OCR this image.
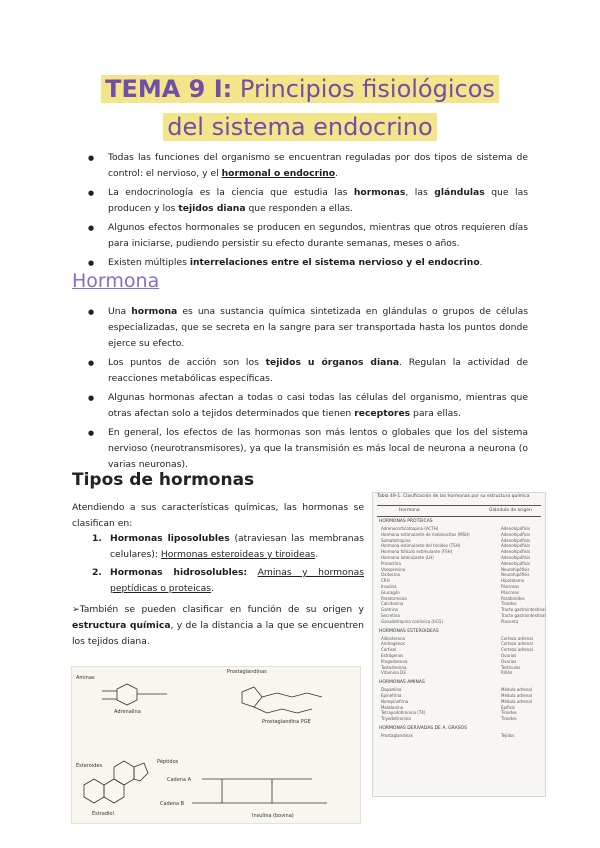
TEMA 9 I: Principios fisiológicos
del sistema endocrino
● Todas las funciones del organismo se encuentran reguladas por dos tipos de sistema de control: el nervioso, y el hormonal o endocrino.
● La endocrinología es la ciencia que estudia las hormonas, las glándulas que las producen y los tejidos diana que responden a ellas.
● Algunos efectos hormonales se producen en segundos, mientras que otros requieren días para iniciarse, pudiendo persistir su efecto durante semanas, meses o años.
● Existen múltiples interrelaciones entre el sistema nervioso y el endocrino.
Hormona
● Una hormona es una sustancia química sintetizada en glándulas o grupos de células especializadas, que se secreta en la sangre para ser transportada hasta los puntos donde ejerce su efecto.
● Los puntos de acción son los tejidos u órganos diana. Regulan la actividad de reacciones metabólicas específicas.
● Algunas hormonas afectan a todas o casi todas las células del organismo, mientras que otras afectan solo a tejidos determinados que tienen receptores para ellas.
● En general, los efectos de las hormonas son más lentos o globales que los del sistema nervioso (neurotransmisores), ya que la transmisión es más local de neurona a neurona (o varias neuronas).
Tipos de hormonas
Atendiendo a sus características químicas, las hormonas se clasifican en:
1. Hormonas liposolubles (atraviesan las membranas celulares): Hormonas esteroideas y tiroideas.
2. Hormonas hidrosolubles: Aminas y hormonas peptídicas o proteicas.
➢También se pueden clasificar en función de su origen y estructura química, y de la distancia a la que se encuentren los tejidos diana.
Tabla 49-1. Clasificación de las hormonas por su estructura química
Hormona	Glándula de origen
HORMONAS PROTEICAS
Adrenocorticotropina (ACTH)	Adenohipófisis
Hormona estimulante de melanocitos (MSH)	Adenohipófisis
Somatotropina	Adenohipófisis
Hormona estimulante del tiroides (TSH)	Adenohipófisis
Hormona folículo estimulante (FSH)	Adenohipófisis
Hormona luteinizante (LH)	Adenohipófisis
Prolactina	Adenohipófisis
Vasopresina	Neurohipófisis
Oxitocina	Neurohipófisis
CRH	Hipotálamo
Insulina	Páncreas
Glucagón	Páncreas
Paratormona	Paratiroides
Calcitonina	Tiroides
Gastrina	Tracto gastrointestinal
Secretina	Tracto gastrointestinal
Gonadotropina coriónica (hCG)	Placenta
HORMONAS ESTEROIDEAS
Aldosterona	Corteza adrenal
Androgénos	Corteza adrenal
Cortisol	Corteza adrenal
Estrógenos	Ovarios
Progesterona	Ovarios
Testosterona	Testículos
Vitamina D3	Riñón
HORMONAS AMINAS
Dopamina	Médula adrenal
Epinefrina	Médula adrenal
Norepinefrina	Médula adrenal
Melatonina	Epífisis
Tetrayodotironina (T4)	Tiroides
Triyodotironina	Tiroides
HORMONAS DERIVADAS DE A. GRASOS
Prostaglandinas	Tejidos
Prostaglandinas
Aminas
Adrenalina
Prostaglandina PGE
Péptidos
Cadena A
Cadena B
Insulina (bovina)
Esteroides
Estradiol
